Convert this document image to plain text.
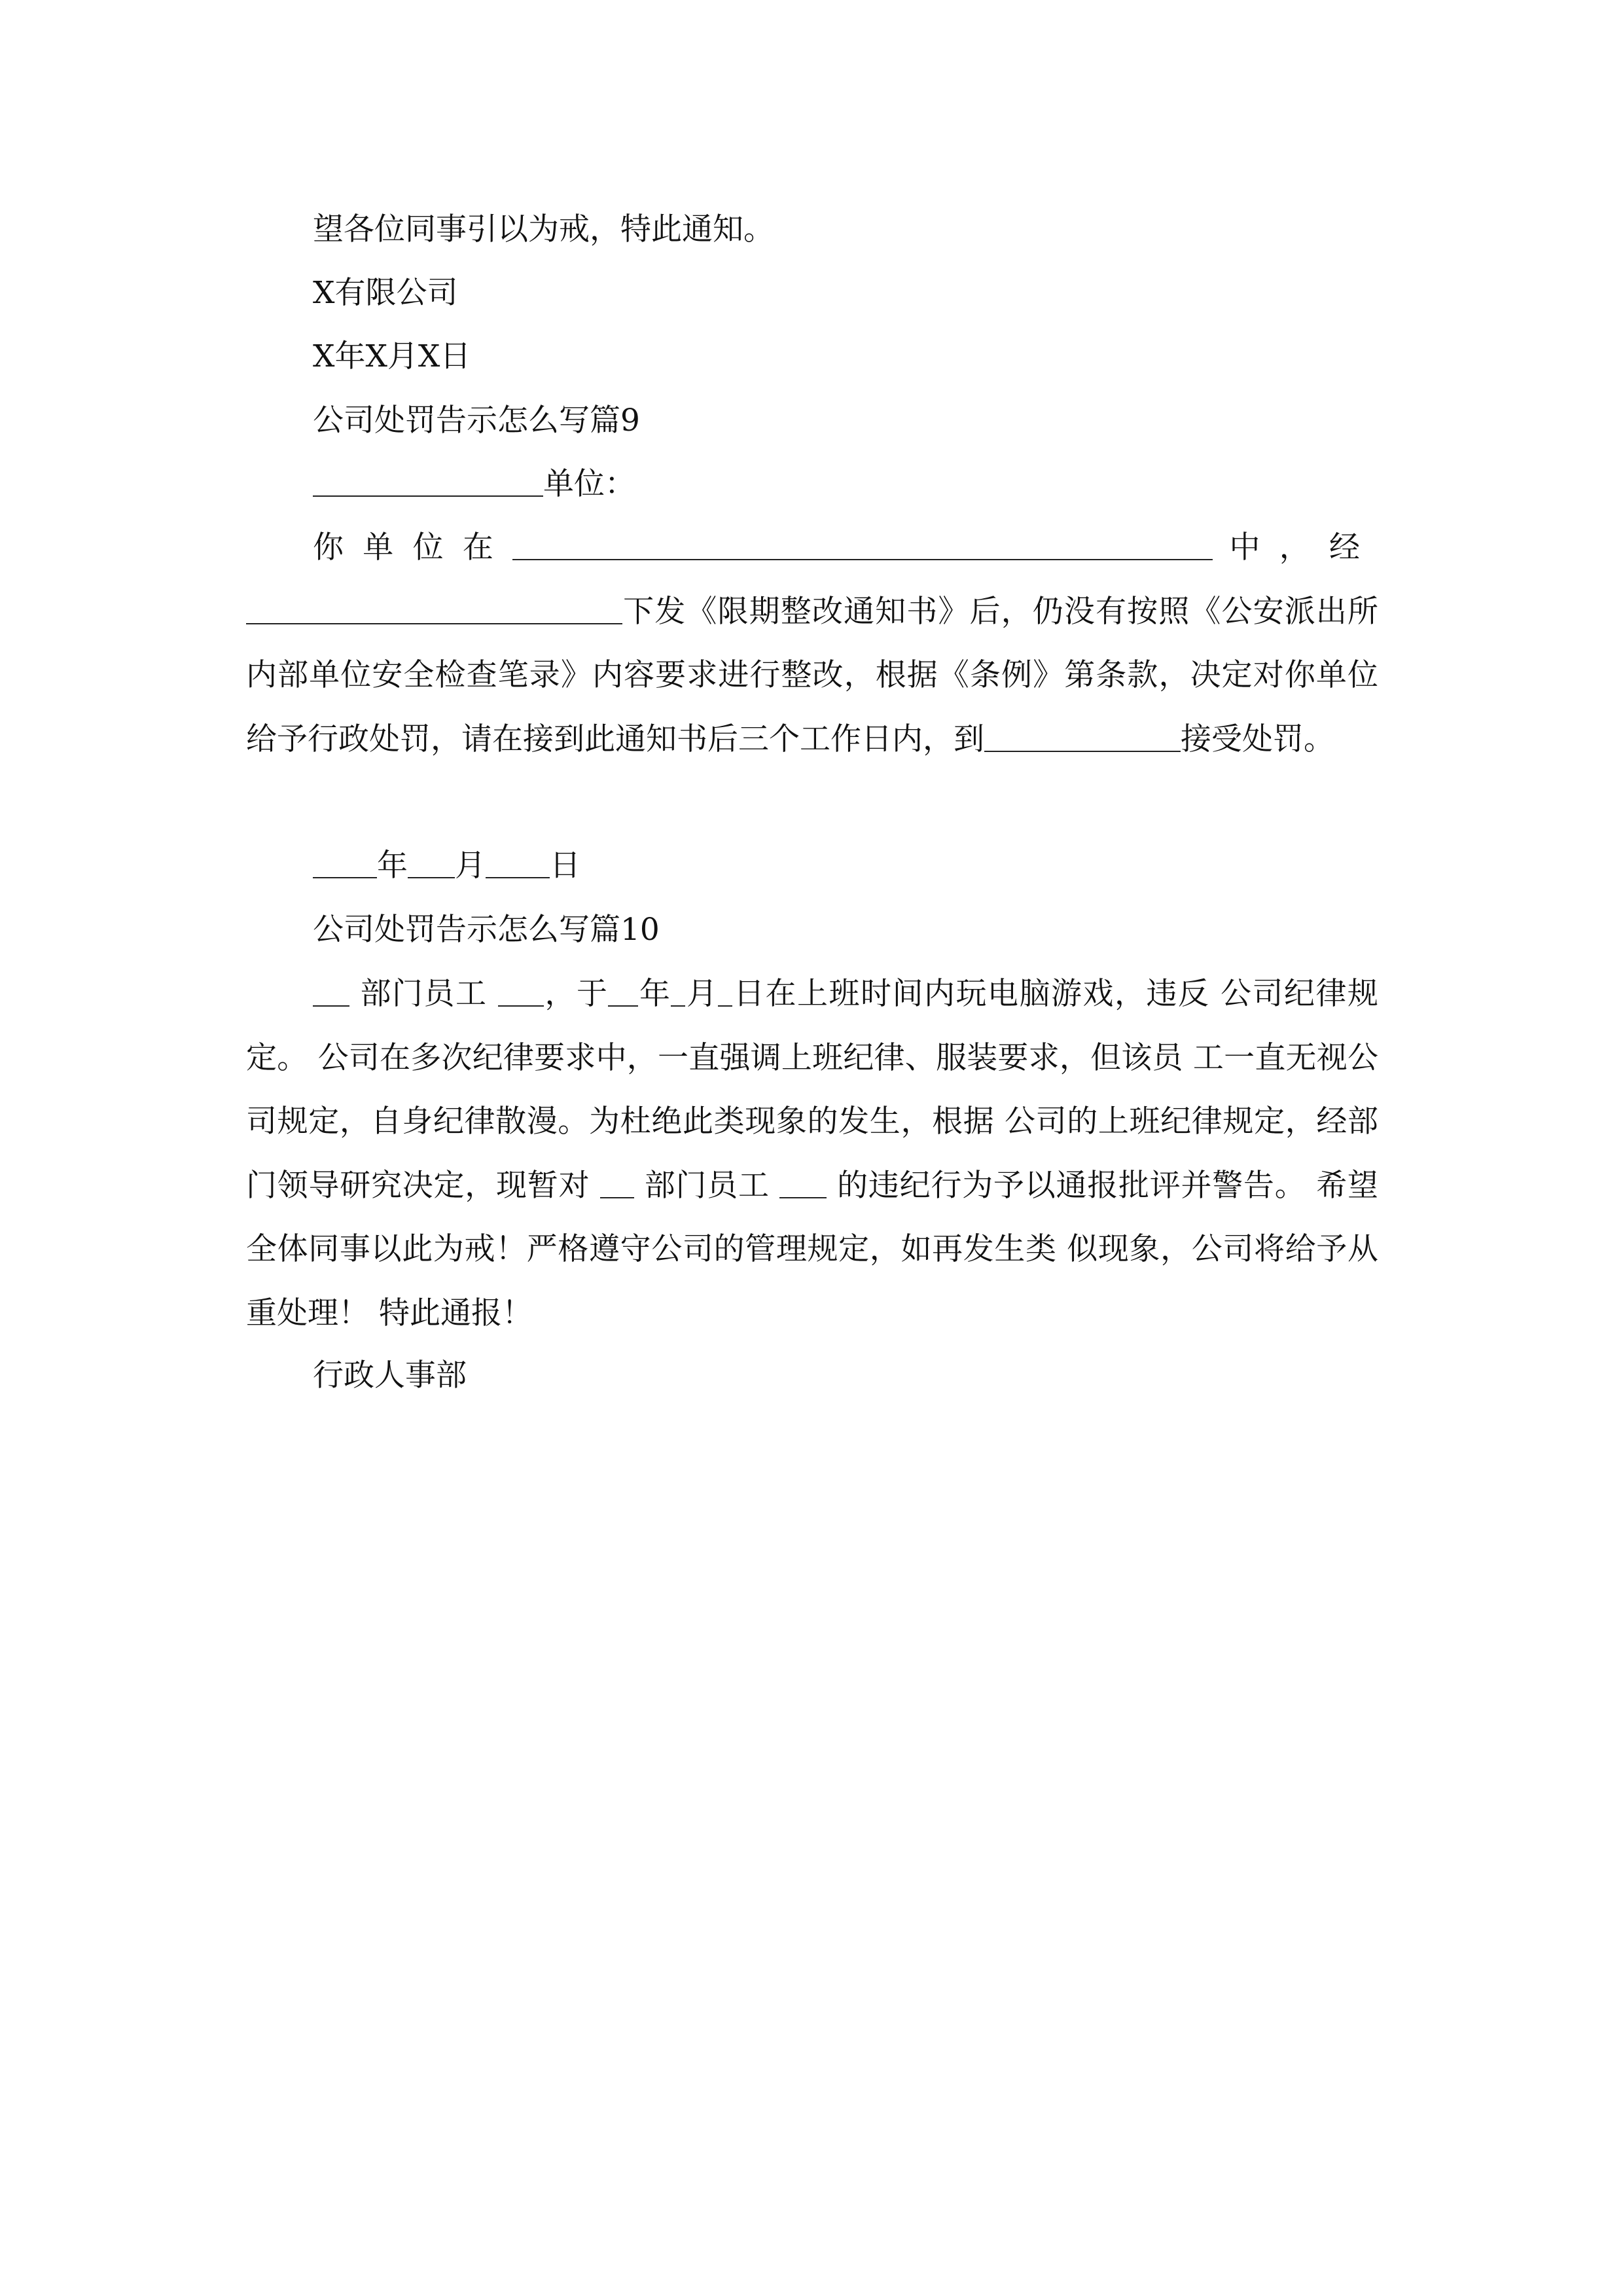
望各位同事引以为戒，特此通知。
X有限公司
X年X月X日
公司处罚告示怎么写篇9
单位：
你单位在	中，经下发《限期整改通知书》后，仍没有按照《公安派出所内部单位安全检查笔录》内容要求进行整改，根据《条例》第条款，决定对你单位给予行政处罚，请在接到此通知书后三个工作日内，到	接受处罚。
年 月 日
公司处罚告示怎么写篇10
部门员工 ，于 年 月 日在上班时间内玩电脑游戏，违反 公司纪律规定。 公司在多次纪律要求中，一直强调上班纪律、服装要求，但该员 工一直无视公司规定，自身纪律散漫。为杜绝此类现象的发生，根据 公司的上班纪律规定，经部门领导研究决定，现暂对 部门员工 的违纪行为予以通报批评并警告。 希望全体同事以此为戒！严格遵守公司的管理规定，如再发生类 似现象，公司将给予从重处理！ 特此通报！
行政人事部
